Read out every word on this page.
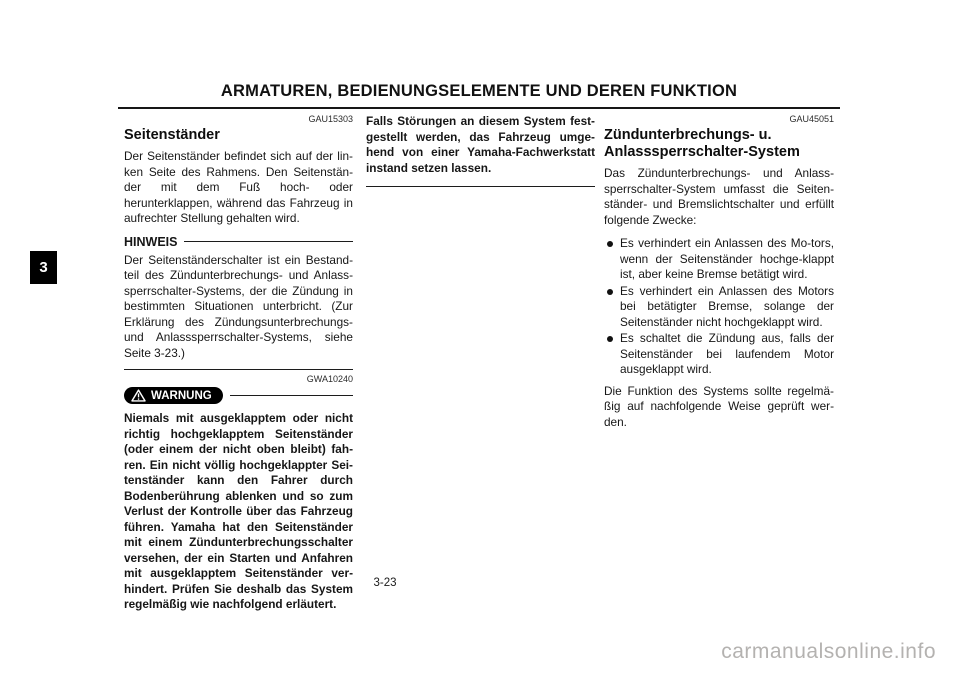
ARMATUREN, BEDIENUNGSELEMENTE UND DEREN FUNKTION
3
GAU15303
Seitenständer

Der Seitenständer befindet sich auf der lin-ken Seite des Rahmens. Den Seitenstän-der mit dem Fuß hoch- oder herunterklappen, während das Fahrzeug in aufrechter Stellung gehalten wird.

HINWEIS

Der Seitenständerschalter ist ein Bestand-teil des Zündunterbrechungs- und Anlass-sperrschalter-Systems, der die Zündung in bestimmten Situationen unterbricht. (Zur Erklärung des Zündungsunterbrechungs- und Anlasssperrschalter-Systems, siehe Seite 3-23.)

GWA10240
WARNUNG

Niemals mit ausgeklapptem oder nicht richtig hochgeklapptem Seitenständer (oder einem der nicht oben bleibt) fah-ren. Ein nicht völlig hochgeklappter Sei-tenständer kann den Fahrer durch Bodenberührung ablenken und so zum Verlust der Kontrolle über das Fahrzeug führen. Yamaha hat den Seitenständer mit einem Zündunterbrechungsschalter versehen, der ein Starten und Anfahren mit ausgeklapptem Seitenständer ver-hindert. Prüfen Sie deshalb das System regelmäßig wie nachfolgend erläutert.

Falls Störungen an diesem System fest-gestellt werden, das Fahrzeug umge-hend von einer Yamaha-Fachwerkstatt instand setzen lassen.

GAU45051
Zündunterbrechungs- u. Anlasssperrschalter-System

Das Zündunterbrechungs- und Anlass-sperrschalter-System umfasst die Seiten-ständer- und Bremslichtschalter und erfüllt folgende Zwecke:

Es verhindert ein Anlassen des Mo-tors, wenn der Seitenständer hochge-klappt ist, aber keine Bremse betätigt wird.
Es verhindert ein Anlassen des Motors bei betätigter Bremse, solange der Seitenständer nicht hochgeklappt wird.
Es schaltet die Zündung aus, falls der Seitenständer bei laufendem Motor ausgeklappt wird.

Die Funktion des Systems sollte regelmä-ßig auf nachfolgende Weise geprüft wer-den.

3-23
carmanualsonline.info
